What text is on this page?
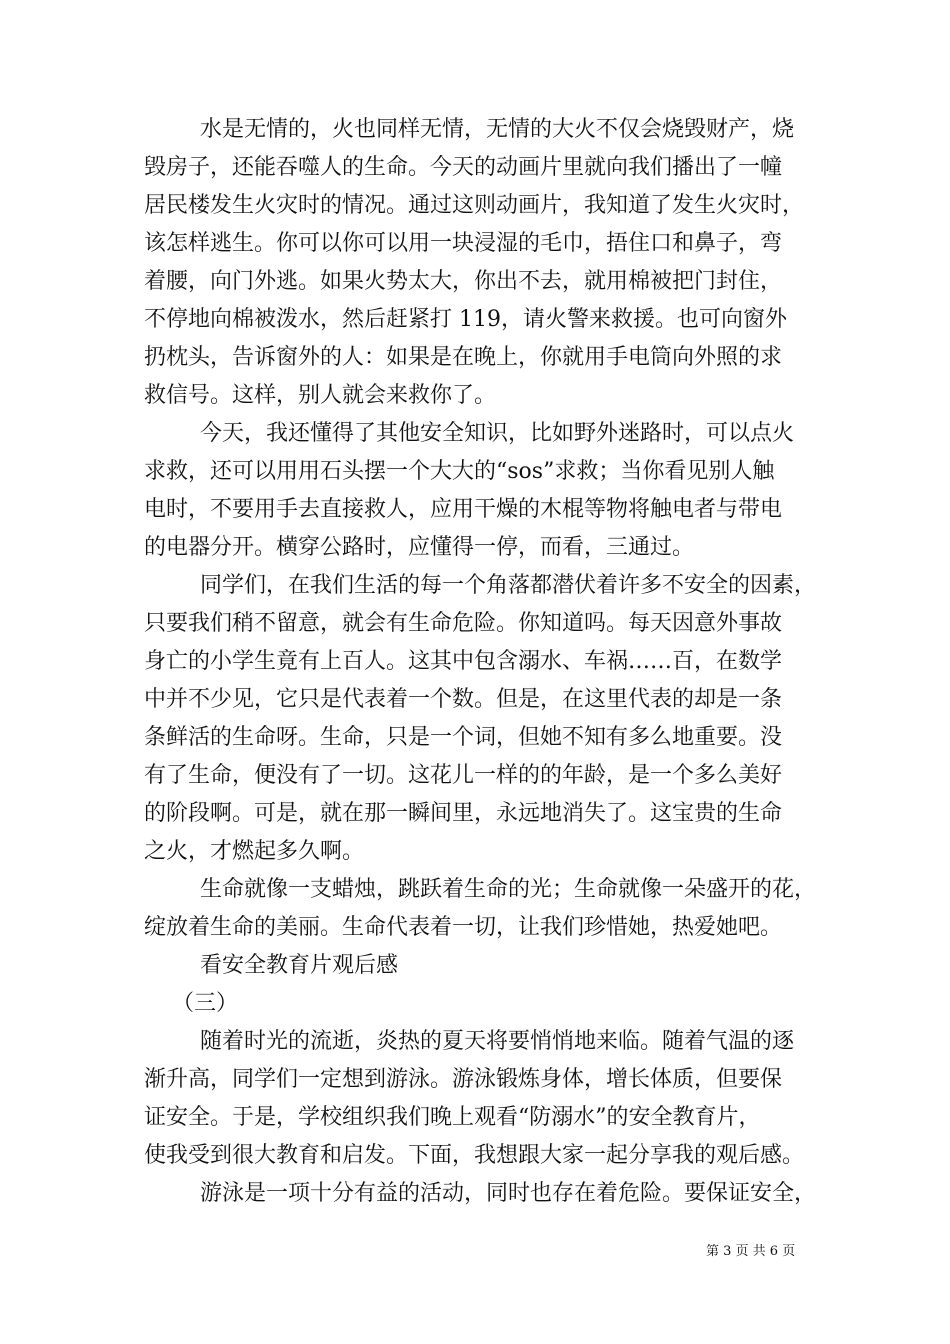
水是无情的，火也同样无情，无情的大火不仅会烧毁财产，烧
毁房子，还能吞噬人的生命。今天的动画片里就向我们播出了一幢
居民楼发生火灾时的情况。通过这则动画片，我知道了发生火灾时，
该怎样逃生。你可以你可以用一块浸湿的毛巾，捂住口和鼻子，弯
着腰，向门外逃。如果火势太大，你出不去，就用棉被把门封住，
不停地向棉被泼水，然后赶紧打 119，请火警来救援。也可向窗外
扔枕头，告诉窗外的人：如果是在晚上，你就用手电筒向外照的求
救信号。这样，别人就会来救你了。
今天，我还懂得了其他安全知识，比如野外迷路时，可以点火
求救，还可以用用石头摆一个大大的“sos”求救；当你看见别人触
电时，不要用手去直接救人，应用干燥的木棍等物将触电者与带电
的电器分开。横穿公路时，应懂得一停，而看，三通过。
同学们，在我们生活的每一个角落都潜伏着许多不安全的因素，
只要我们稍不留意，就会有生命危险。你知道吗。每天因意外事故
身亡的小学生竟有上百人。这其中包含溺水、车祸……百，在数学
中并不少见，它只是代表着一个数。但是，在这里代表的却是一条
条鲜活的生命呀。生命，只是一个词，但她不知有多么地重要。没
有了生命，便没有了一切。这花儿一样的的年龄，是一个多么美好
的阶段啊。可是，就在那一瞬间里，永远地消失了。这宝贵的生命
之火，才燃起多久啊。
生命就像一支蜡烛，跳跃着生命的光；生命就像一朵盛开的花，
绽放着生命的美丽。生命代表着一切，让我们珍惜她，热爱她吧。
看安全教育片观后感
（三）
随着时光的流逝，炎热的夏天将要悄悄地来临。随着气温的逐
渐升高，同学们一定想到游泳。游泳锻炼身体，增长体质，但要保
证安全。于是，学校组织我们晚上观看“防溺水”的安全教育片，
使我受到很大教育和启发。下面，我想跟大家一起分享我的观后感。
游泳是一项十分有益的活动，同时也存在着危险。要保证安全，
第 3 页 共 6 页
